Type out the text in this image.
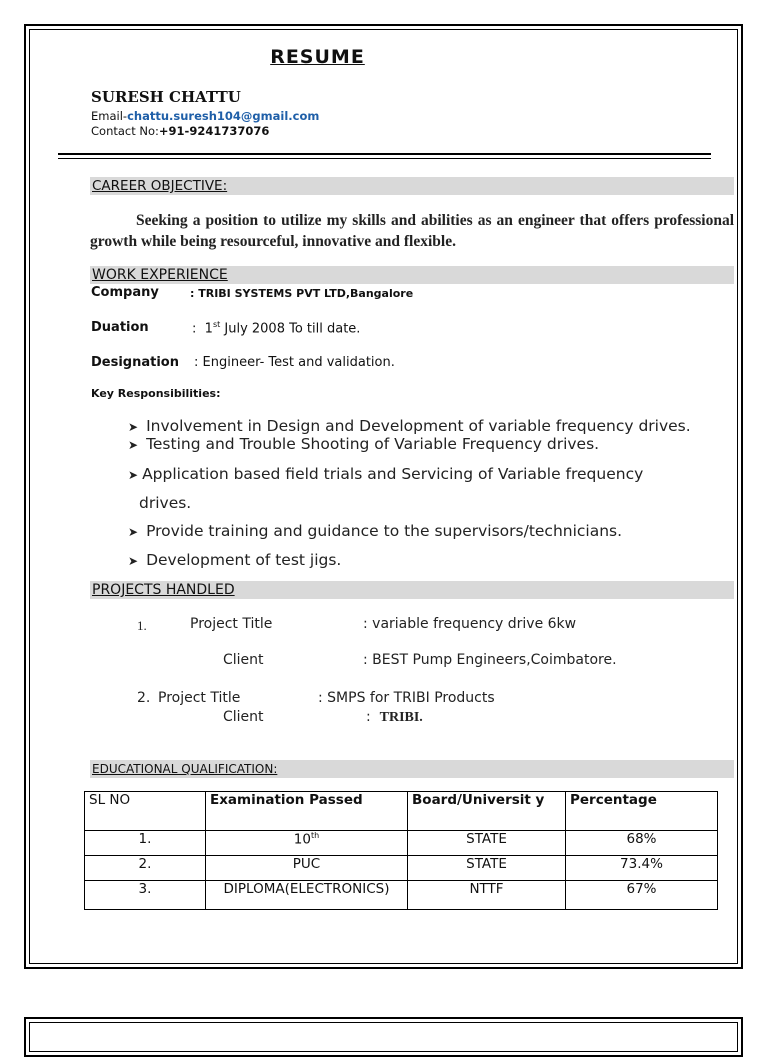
RESUME
SURESH CHATTU
Email-chattu.suresh104@gmail.com
Contact No:+91-9241737076
CAREER OBJECTIVE:
Seeking a position to utilize my skills and abilities as an engineer that offers professional growth while being resourceful, innovative and flexible.
WORK EXPERIENCE
Company	: TRIBI SYSTEMS PVT LTD,Bangalore
Duation	: 1st July 2008 To till date.
Designation : Engineer- Test and validation.
Key Responsibilities:
➤ Involvement in Design and Development of variable frequency drives.
➤ Testing and Trouble Shooting of Variable Frequency drives.
➤ Application based field trials and Servicing of Variable frequency
drives.
➤ Provide training and guidance to the supervisors/technicians.
➤ Development of test jigs.
PROJECTS HANDLED
1.	Project Title	: variable frequency drive 6kw
Client	: BEST Pump Engineers,Coimbatore.
2. Project Title	: SMPS for TRIBI Products
Client	: TRIBI.
EDUCATIONAL QUALIFICATION:
SL NO	Examination Passed	Board/Universit y	Percentage
1.	10th	STATE	68%
2.	PUC	STATE	73.4%
3.	DIPLOMA(ELECTRONICS)	NTTF	67%
